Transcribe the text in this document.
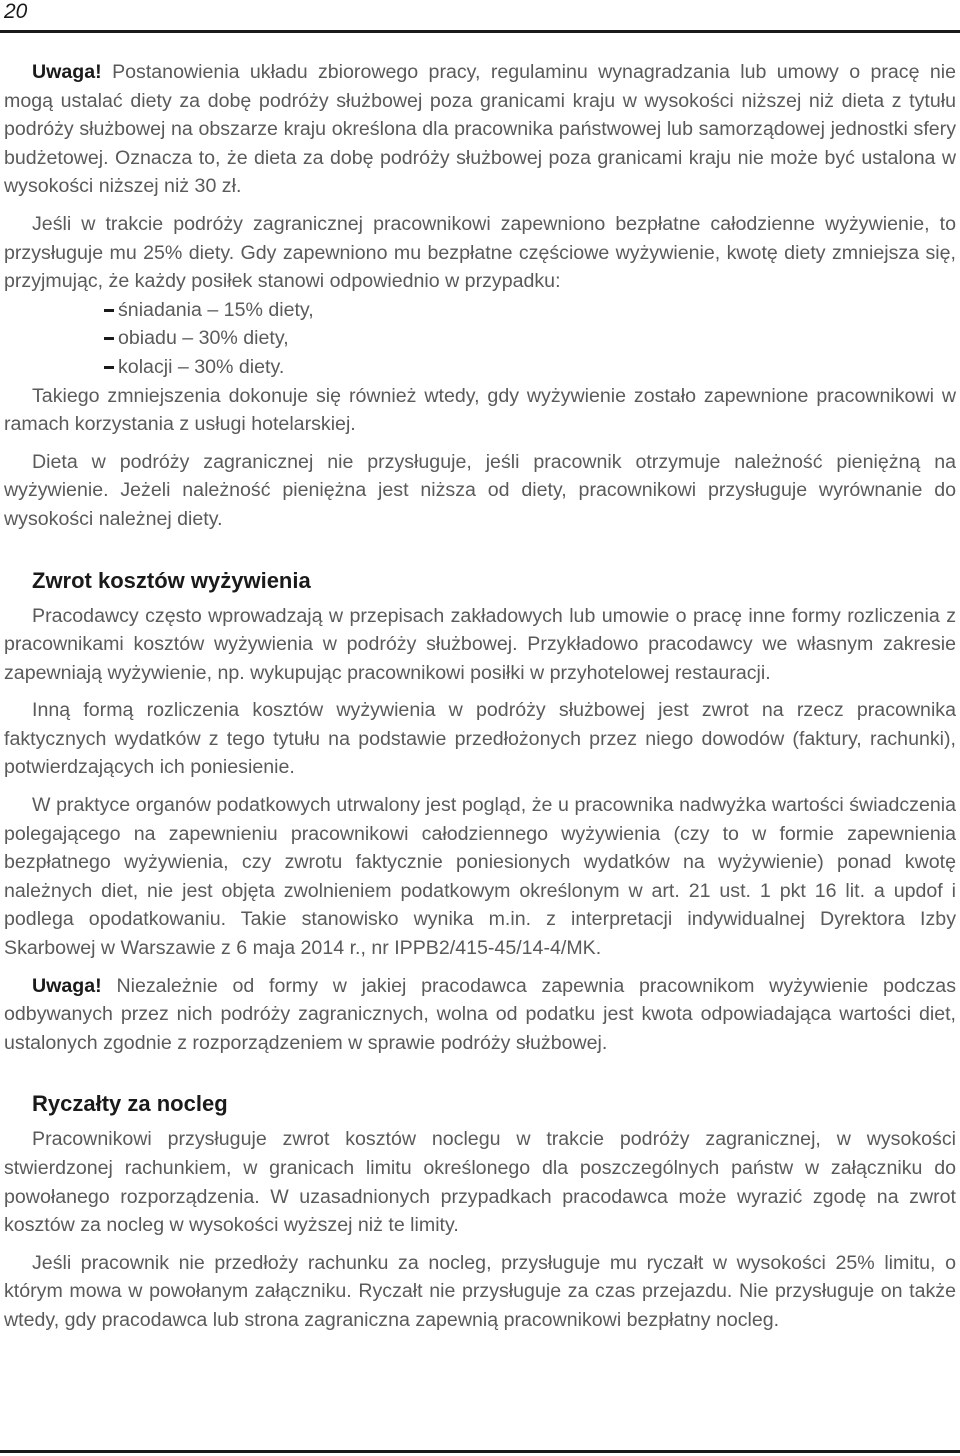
20

Uwaga! Postanowienia układu zbiorowego pracy, regulaminu wynagradzania lub umowy o pracę nie mogą ustalać diety za dobę podróży służbowej poza granicami kraju w wysokości niższej niż dieta z tytułu podróży służbowej na obszarze kraju określona dla pracownika państwowej lub samorządowej jednostki sfery budżetowej. Oznacza to, że dieta za dobę podróży służbowej poza granicami kraju nie może być ustalona w wysokości niższej niż 30 zł.

Jeśli w trakcie podróży zagranicznej pracownikowi zapewniono bezpłatne całodzienne wyżywienie, to przysługuje mu 25% diety. Gdy zapewniono mu bezpłatne częściowe wyżywienie, kwotę diety zmniejsza się, przyjmując, że każdy posiłek stanowi odpowiednio w przypadku:

śniadania – 15% diety,
obiadu – 30% diety,
kolacji – 30% diety.

Takiego zmniejszenia dokonuje się również wtedy, gdy wyżywienie zostało zapewnione pracownikowi w ramach korzystania z usługi hotelarskiej.

Dieta w podróży zagranicznej nie przysługuje, jeśli pracownik otrzymuje należność pieniężną na wyżywienie. Jeżeli należność pieniężna jest niższa od diety, pracownikowi przysługuje wyrównanie do wysokości należnej diety.

Zwrot kosztów wyżywienia

Pracodawcy często wprowadzają w przepisach zakładowych lub umowie o pracę inne formy rozliczenia z pracownikami kosztów wyżywienia w podróży służbowej. Przykładowo pracodawcy we własnym zakresie zapewniają wyżywienie, np. wykupując pracownikowi posiłki w przyhotelowej restauracji.

Inną formą rozliczenia kosztów wyżywienia w podróży służbowej jest zwrot na rzecz pracownika faktycznych wydatków z tego tytułu na podstawie przedłożonych przez niego dowodów (faktury, rachunki), potwierdzających ich poniesienie.

W praktyce organów podatkowych utrwalony jest pogląd, że u pracownika nadwyżka wartości świadczenia polegającego na zapewnieniu pracownikowi całodziennego wyżywienia (czy to w formie zapewnienia bezpłatnego wyżywienia, czy zwrotu faktycznie poniesionych wydatków na wyżywienie) ponad kwotę należnych diet, nie jest objęta zwolnieniem podatkowym określonym w art. 21 ust. 1 pkt 16 lit. a updof i podlega opodatkowaniu. Takie stanowisko wynika m.in. z interpretacji indywidualnej Dyrektora Izby Skarbowej w Warszawie z 6 maja 2014 r., nr IPPB2/415-45/14-4/MK.

Uwaga! Niezależnie od formy w jakiej pracodawca zapewnia pracownikom wyżywienie podczas odbywanych przez nich podróży zagranicznych, wolna od podatku jest kwota odpowiadająca wartości diet, ustalonych zgodnie z rozporządzeniem w sprawie podróży służbowej.

Ryczałty za nocleg

Pracownikowi przysługuje zwrot kosztów noclegu w trakcie podróży zagranicznej, w wysokości stwierdzonej rachunkiem, w granicach limitu określonego dla poszczególnych państw w załączniku do powołanego rozporządzenia. W uzasadnionych przypadkach pracodawca może wyrazić zgodę na zwrot kosztów za nocleg w wysokości wyższej niż te limity.

Jeśli pracownik nie przedłoży rachunku za nocleg, przysługuje mu ryczałt w wysokości 25% limitu, o którym mowa w powołanym załączniku. Ryczałt nie przysługuje za czas przejazdu. Nie przysługuje on także wtedy, gdy pracodawca lub strona zagraniczna zapewnią pracownikowi bezpłatny nocleg.
